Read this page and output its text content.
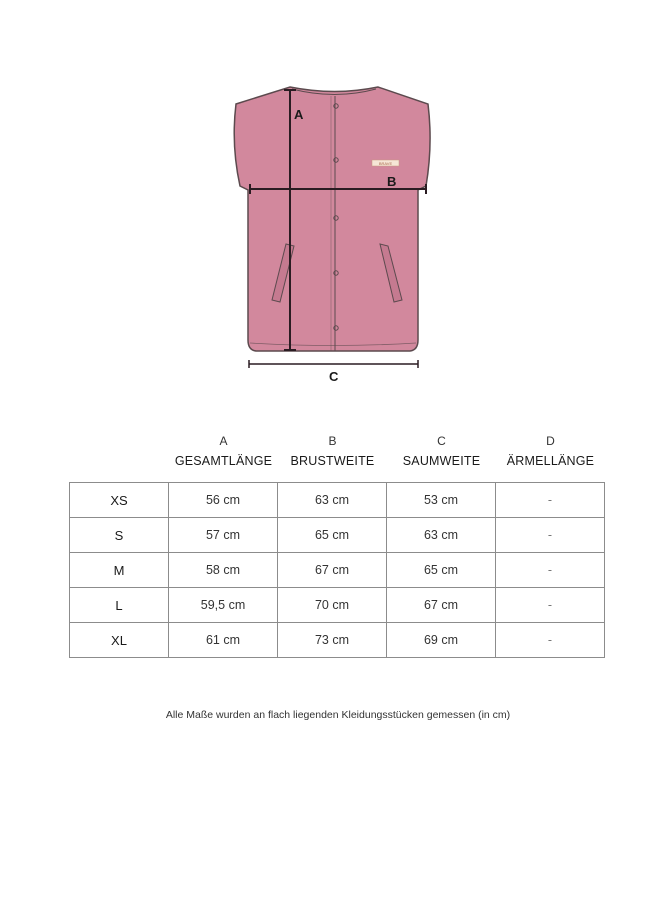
BRAVE
A
B
C
A
GESAMTLÄNGE
B
BRUSTWEITE
C
SAUMWEITE
D
ÄRMELLÄNGE
XS	56 cm	63 cm	53 cm	-
S	57 cm	65 cm	63 cm	-
M	58 cm	67 cm	65 cm	-
L	59,5 cm	70 cm	67 cm	-
XL	61 cm	73 cm	69 cm	-
Alle Maße wurden an flach liegenden Kleidungsstücken gemessen (in cm)
